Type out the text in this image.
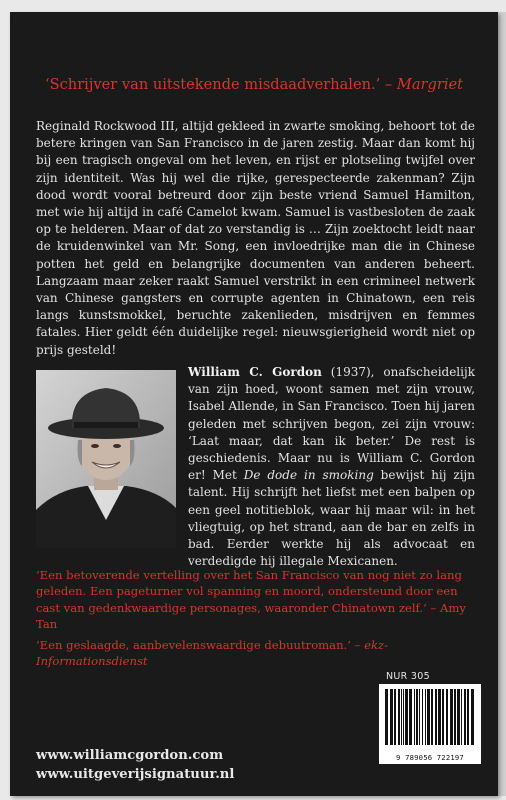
‘Schrijver van uitstekende misdaadverhalen.’ – Margriet
Reginald Rockwood III, altijd gekleed in zwarte smoking, behoort tot de betere kringen van San Francisco in de jaren zestig. Maar dan komt hij bij een tragisch ongeval om het leven, en rijst er plotseling twijfel over zijn identiteit. Was hij wel die rijke, gerespecteerde zakenman? Zijn dood wordt vooral betreurd door zijn beste vriend Samuel Hamilton, met wie hij altijd in café Camelot kwam. Samuel is vastbesloten de zaak op te helderen. Maar of dat zo verstandig is … Zijn zoektocht leidt naar de kruidenwinkel van Mr. Song, een invloedrijke man die in Chinese potten het geld en belangrijke documenten van anderen beheert. Langzaam maar zeker raakt Samuel verstrikt in een crimineel netwerk van Chinese gangsters en corrupte agenten in Chinatown, een reis langs kunstsmokkel, beruchte zakenlieden, misdrijven en femmes fatales. Hier geldt één duidelijke regel: nieuwsgierigheid wordt niet op prijs gesteld!
William C. Gordon (1937), onafscheidelijk van zijn hoed, woont samen met zijn vrouw, Isabel Allende, in San Francisco. Toen hij jaren geleden met schrijven begon, zei zijn vrouw: ‘Laat maar, dat kan ik beter.’ De rest is geschiedenis. Maar nu is William C. Gordon er! Met De dode in smoking bewijst hij zijn talent. Hij schrijft het liefst met een balpen op een geel notitieblok, waar hij maar wil: in het vliegtuig, op het strand, aan de bar en zelfs in bad. Eerder werkte hij als advocaat en verdedigde hij illegale Mexicanen.
‘Een betoverende vertelling over het San Francisco van nog niet zo lang geleden. Een pageturner vol spanning en moord, ondersteund door een cast van gedenkwaardige personages, waaronder Chinatown zelf.’ – Amy Tan
‘Een geslaagde, aanbevelenswaardige debuutroman.’ – ekz-Informationsdienst
NUR 305
9 789056 722197
www.williamcgordon.com
www.uitgeverijsignatuur.nl
